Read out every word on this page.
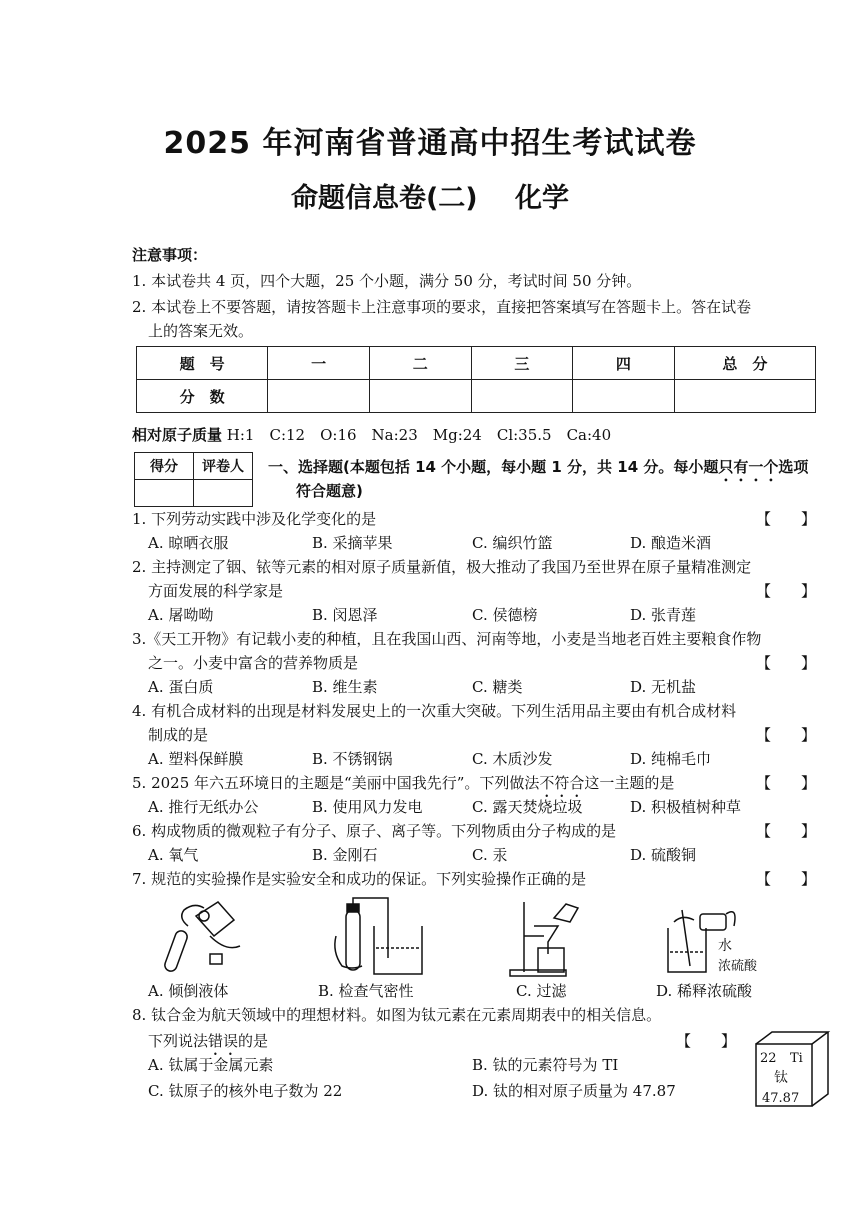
2025 年河南省普通高中招生考试试卷
命题信息卷(二) 化学
注意事项：
1. 本试卷共 4 页，四个大题，25 个小题，满分 50 分，考试时间 50 分钟。
2. 本试卷上不要答题，请按答题卡上注意事项的要求，直接把答案填写在答题卡上。答在试卷
上的答案无效。
题　号	一	二	三	四	总　分
分　数					
相对原子质量 H:1　C:12　O:16　Na:23　Mg:24　Cl:35.5　Ca:40
得分	评卷人
	一、选择题(本题包括 14 个小题，每小题 1 分，共 14 分。每小题只有一个选项
符合题意)
1. 下列劳动实践中涉及化学变化的是	【　　】
A. 晾晒衣服	B. 采摘苹果	C. 编织竹篮	D. 酿造米酒
2. 主持测定了铟、铱等元素的相对原子质量新值，极大推动了我国乃至世界在原子量精准测定
方面发展的科学家是	【　　】
A. 屠呦呦	B. 闵恩泽	C. 侯德榜	D. 张青莲
3.《天工开物》有记载小麦的种植，且在我国山西、河南等地，小麦是当地老百姓主要粮食作物
之一。小麦中富含的营养物质是	【　　】
A. 蛋白质	B. 维生素	C. 糖类	D. 无机盐
4. 有机合成材料的出现是材料发展史上的一次重大突破。下列生活用品主要由有机合成材料
制成的是	【　　】
A. 塑料保鲜膜	B. 不锈钢锅	C. 木质沙发	D. 纯棉毛巾
5. 2025 年六五环境日的主题是“美丽中国我先行”。下列做法不符合这一主题的是	【　　】
A. 推行无纸办公	B. 使用风力发电	C. 露天焚烧垃圾	D. 积极植树种草
6. 构成物质的微观粒子有分子、原子、离子等。下列物质由分子构成的是	【　　】
A. 氧气	B. 金刚石	C. 汞	D. 硫酸铜
7. 规范的实验操作是实验安全和成功的保证。下列实验操作正确的是	【　　】
水
浓硫酸
A. 倾倒液体	B. 检查气密性	C. 过滤	D. 稀释浓硫酸
8. 钛合金为航天领域中的理想材料。如图为钛元素在元素周期表中的相关信息。
下列说法错误的是	【　　】
A. 钛属于金属元素	B. 钛的元素符号为 TI
C. 钛原子的核外电子数为 22	D. 钛的相对原子质量为 47.87
22 Ti
钛
47.87
